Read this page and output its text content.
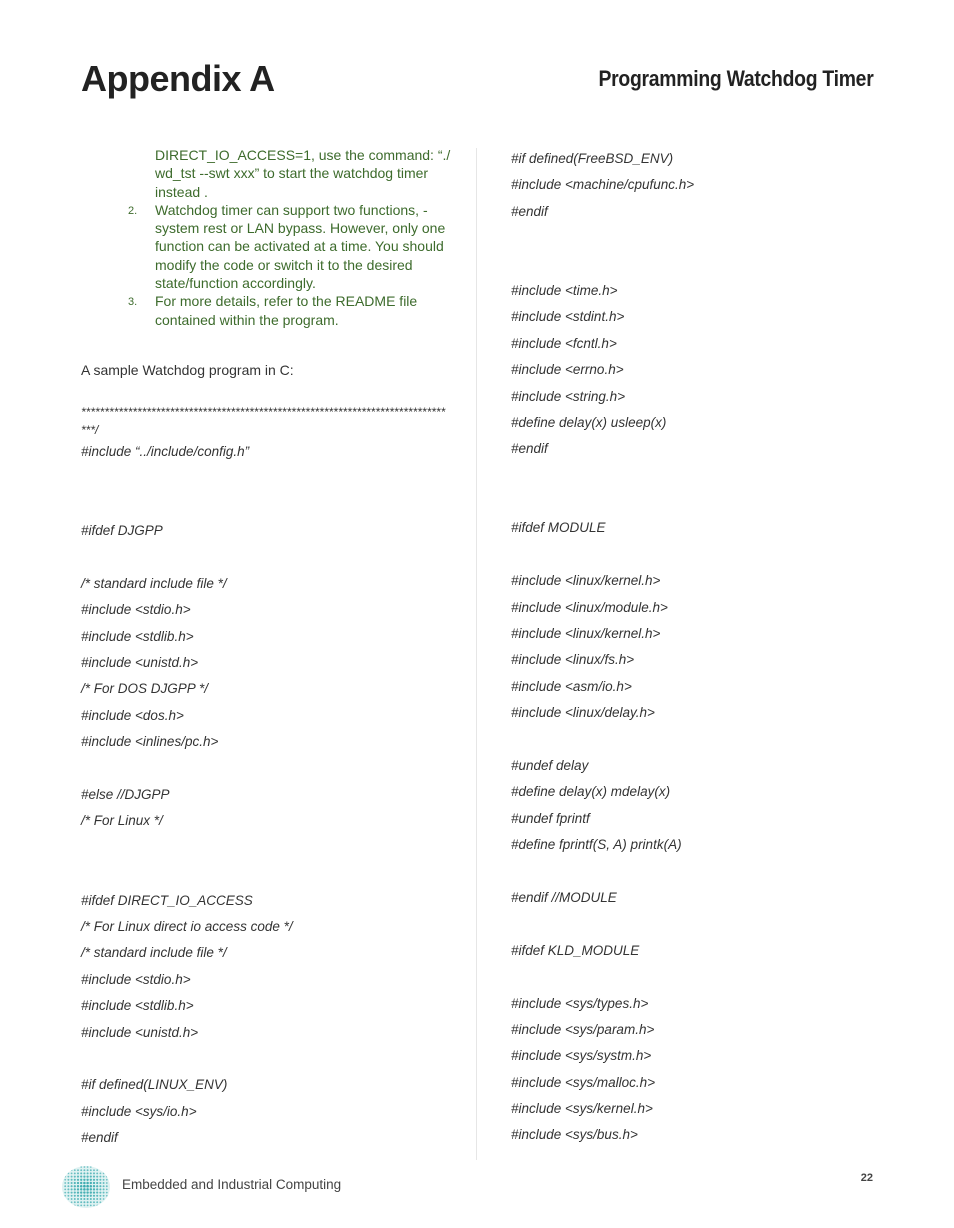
Appendix A	Programming Watchdog Timer
DIRECT_IO_ACCESS=1, use the command: “./ wd_tst --swt xxx” to start the watchdog timer instead .
2.	Watchdog timer can support two functions, - system rest or LAN bypass. However, only one function can be activated at a time. You should modify the code or switch it to the desired state/function accordingly.
3.	For more details, refer to the README file contained within the program.
A sample Watchdog program in C:
*********************************************************************************/
#include “../include/config.h”
#ifdef DJGPP
/* standard include file */
#include <stdio.h>
#include <stdlib.h>
#include <unistd.h>
/* For DOS DJGPP */
#include <dos.h>
#include <inlines/pc.h>
#else //DJGPP
/* For Linux */
#ifdef DIRECT_IO_ACCESS
/* For Linux direct io access code */
/* standard include file */
#include <stdio.h>
#include <stdlib.h>
#include <unistd.h>
#if defined(LINUX_ENV)
#include <sys/io.h>
#endif
#if defined(FreeBSD_ENV)
#include <machine/cpufunc.h>
#endif
#include <time.h>
#include <stdint.h>
#include <fcntl.h>
#include <errno.h>
#include <string.h>
#define delay(x) usleep(x)
#endif
#ifdef MODULE
#include <linux/kernel.h>
#include <linux/module.h>
#include <linux/kernel.h>
#include <linux/fs.h>
#include <asm/io.h>
#include <linux/delay.h>
#undef delay
#define delay(x) mdelay(x)
#undef fprintf
#define fprintf(S, A) printk(A)
#endif //MODULE
#ifdef KLD_MODULE
#include <sys/types.h>
#include <sys/param.h>
#include <sys/systm.h>
#include <sys/malloc.h>
#include <sys/kernel.h>
#include <sys/bus.h>
Embedded and Industrial Computing	22
